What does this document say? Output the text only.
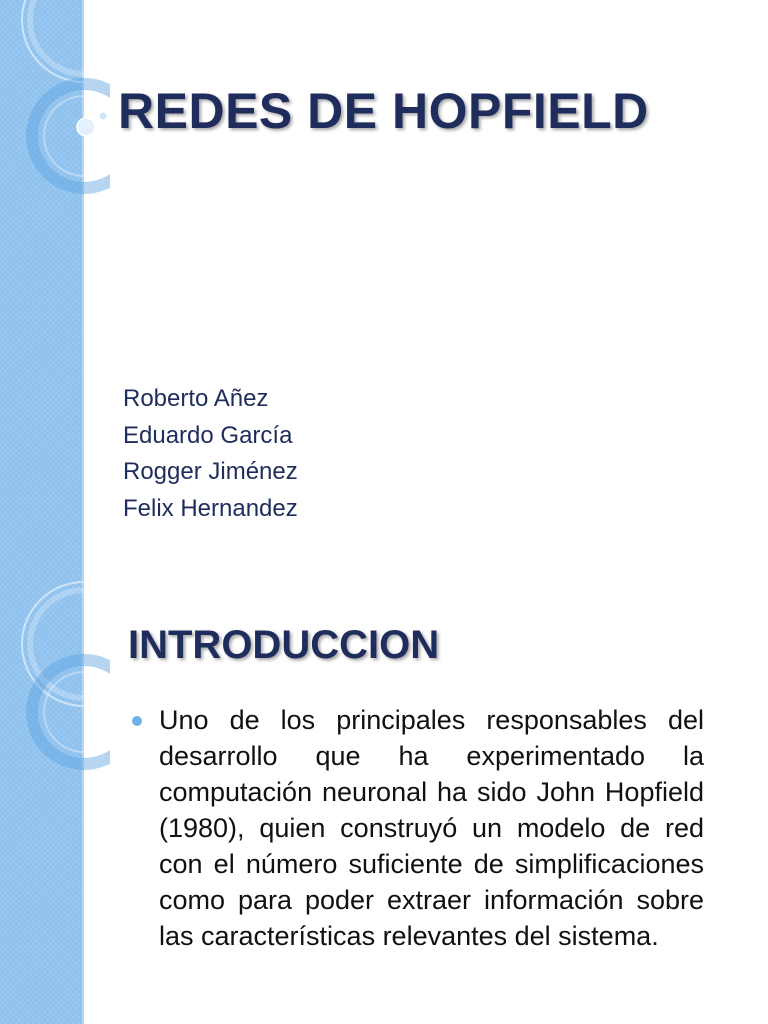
REDES DE HOPFIELD
Roberto Añez
Eduardo García
Rogger Jiménez
Felix Hernandez
INTRODUCCION
Uno de los principales responsables del desarrollo que ha experimentado la computación neuronal ha sido John Hopfield (1980), quien construyó un modelo de red con el número suficiente de simplificaciones como para poder extraer información sobre las características relevantes del sistema.
